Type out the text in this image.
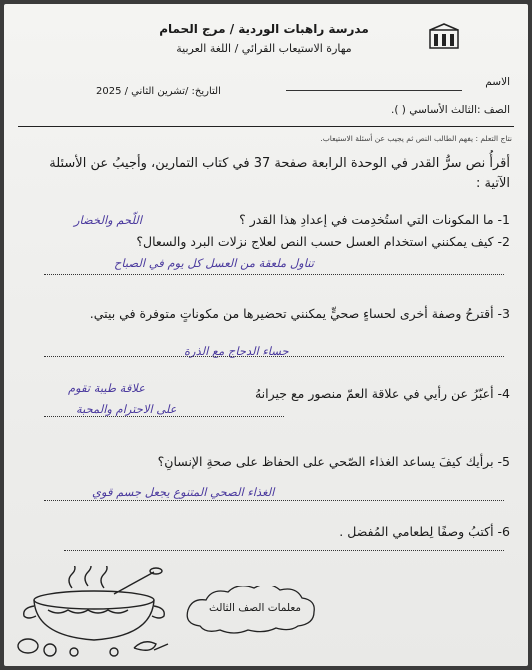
مدرسة راهبات الوردية / مرج الحمام
مهارة الاستيعاب القرائي / اللغة العربية
الاسم
التاريخ: /تشرين الثاني / 2025
الصف :الثالث الأساسي ( ).
نتاج التعلم : يفهم الطالب النص ثم يجيب عن أسئلة الاستيعاب.
أقرأُ نص سرُّ القدر في الوحدة الرابعة صفحة 37 في كتاب التمارين، وأجيبُ عن الأسئلة الآتية :
1- ما المكونات التي استُخدِمت في إعدادِ هذا القدر ؟
اللّحم والخضار
2- كيف يمكنني استخدام العسل حسب النص لعلاج نزلات البرد والسعال؟
تناول ملعقة من العسل كل يوم في الصباح
3- أقترحُ وصفة أخرى لحساءٍ صحيٍّ يمكنني تحضيرها من مكوناتٍ متوفرة في بيتي.
حساء الدجاج مع الذرة
4- أعبّرُ عن رأيي في علاقة العمّ منصور مع جيرانهُ
علاقة طيبة تقوم
على الاحترام والمحبة
5- برأيك كيفَ يساعد الغذاء الصّحي على الحفاظ على صحةِ الإنسانِ؟
الغذاء الصحي المتنوع يجعل جسم قوي
6- أكتبُ وصفًا لِطعامي المُفضل .
معلمات الصف الثالث
